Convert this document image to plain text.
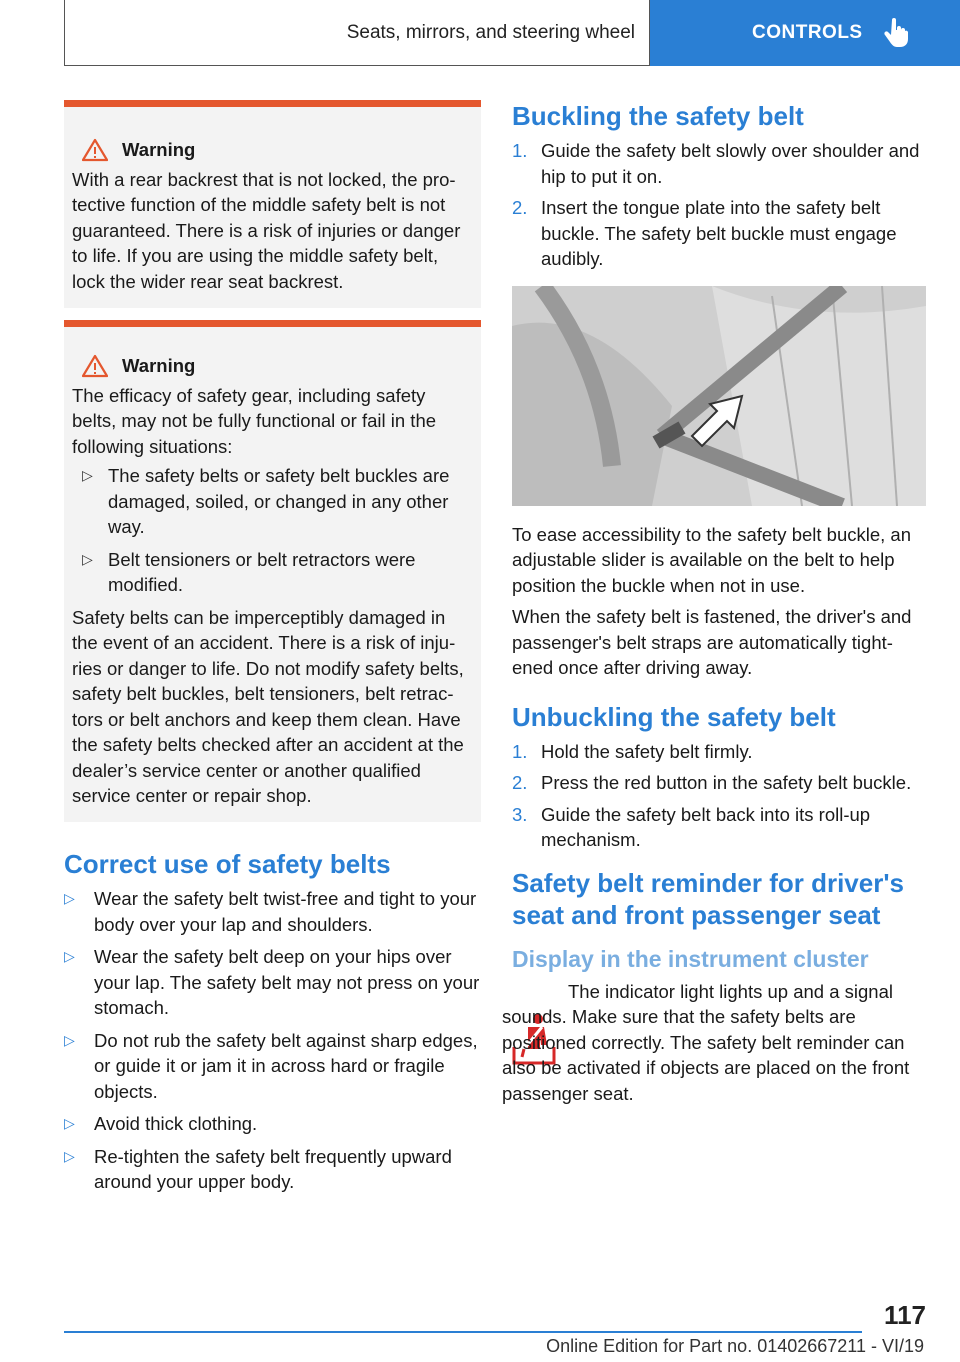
Seats, mirrors, and steering wheel	CONTROLS
Warning

With a rear backrest that is not locked, the pro-tective function of the middle safety belt is not guaranteed. There is a risk of injuries or danger to life. If you are using the middle safety belt, lock the wider rear seat backrest.

Warning

The efficacy of safety gear, including safety belts, may not be fully functional or fail in the following situations:

▷ The safety belts or safety belt buckles are damaged, soiled, or changed in any other way.
▷ Belt tensioners or belt retractors were modified.

Safety belts can be imperceptibly damaged in the event of an accident. There is a risk of inju-ries or danger to life. Do not modify safety belts, safety belt buckles, belt tensioners, belt retrac-tors or belt anchors and keep them clean. Have the safety belts checked after an accident at the dealer’s service center or another qualified service center or repair shop.

Correct use of safety belts
▷ Wear the safety belt twist-free and tight to your body over your lap and shoulders.
▷ Wear the safety belt deep on your hips over your lap. The safety belt may not press on your stomach.
▷ Do not rub the safety belt against sharp edges, or guide it or jam it in across hard or fragile objects.
▷ Avoid thick clothing.
▷ Re-tighten the safety belt frequently upward around your upper body.
Buckling the safety belt
1. Guide the safety belt slowly over shoulder and hip to put it on.
2. Insert the tongue plate into the safety belt buckle. The safety belt buckle must engage audibly.

To ease accessibility to the safety belt buckle, an adjustable slider is available on the belt to help position the buckle when not in use.

When the safety belt is fastened, the driver's and passenger's belt straps are automatically tight-ened once after driving away.

Unbuckling the safety belt
1. Hold the safety belt firmly.
2. Press the red button in the safety belt buckle.
3. Guide the safety belt back into its roll-up mechanism.
Safety belt reminder for driver's seat and front passenger seat
Display in the instrument cluster

The indicator light lights up and a signal sounds. Make sure that the safety belts are positioned correctly. The safety belt reminder can also be activated if objects are placed on the front passenger seat.

117
Online Edition for Part no. 01402667211 - VI/19
